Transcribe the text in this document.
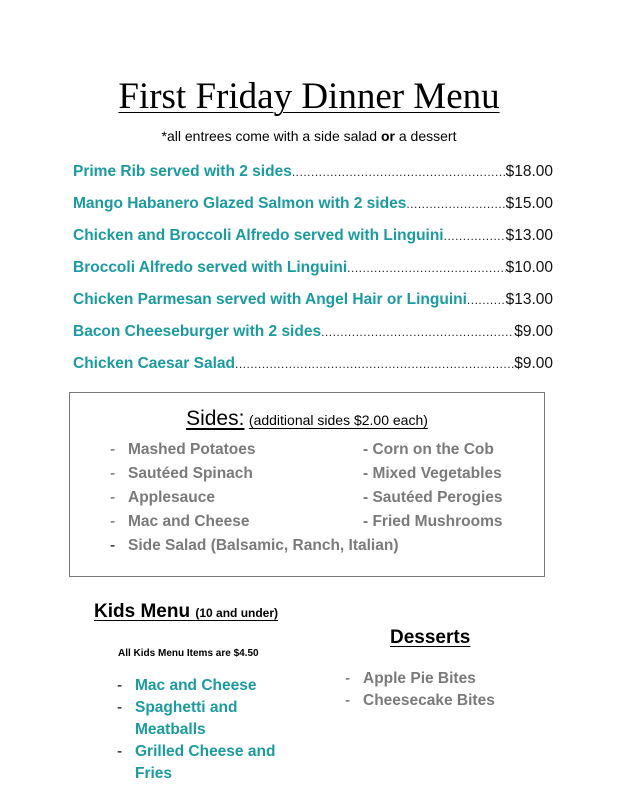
First Friday Dinner Menu
*all entrees come with a side salad or a dessert
Prime Rib served with 2 sides .....	$18.00
Mango Habanero Glazed Salmon with 2 sides .....	$15.00
Chicken and Broccoli Alfredo served with Linguini .....	$13.00
Broccoli Alfredo served with Linguini .....	$10.00
Chicken Parmesan served with Angel Hair or Linguini ..... $13.00
Bacon Cheeseburger with 2 sides .....	$9.00
Chicken Caesar Salad .....	$9.00
Sides: (additional sides $2.00 each)
- Mashed Potatoes
- Sautéed Spinach
- Applesauce
- Mac and Cheese
- Side Salad (Balsamic, Ranch, Italian)
- Corn on the Cob
- Mixed Vegetables
- Sautéed Perogies
- Fried Mushrooms
Kids Menu (10 and under)
All Kids Menu Items are $4.50
- Mac and Cheese
- Spaghetti and Meatballs
- Grilled Cheese and Fries
Desserts
- Apple Pie Bites
- Cheesecake Bites
